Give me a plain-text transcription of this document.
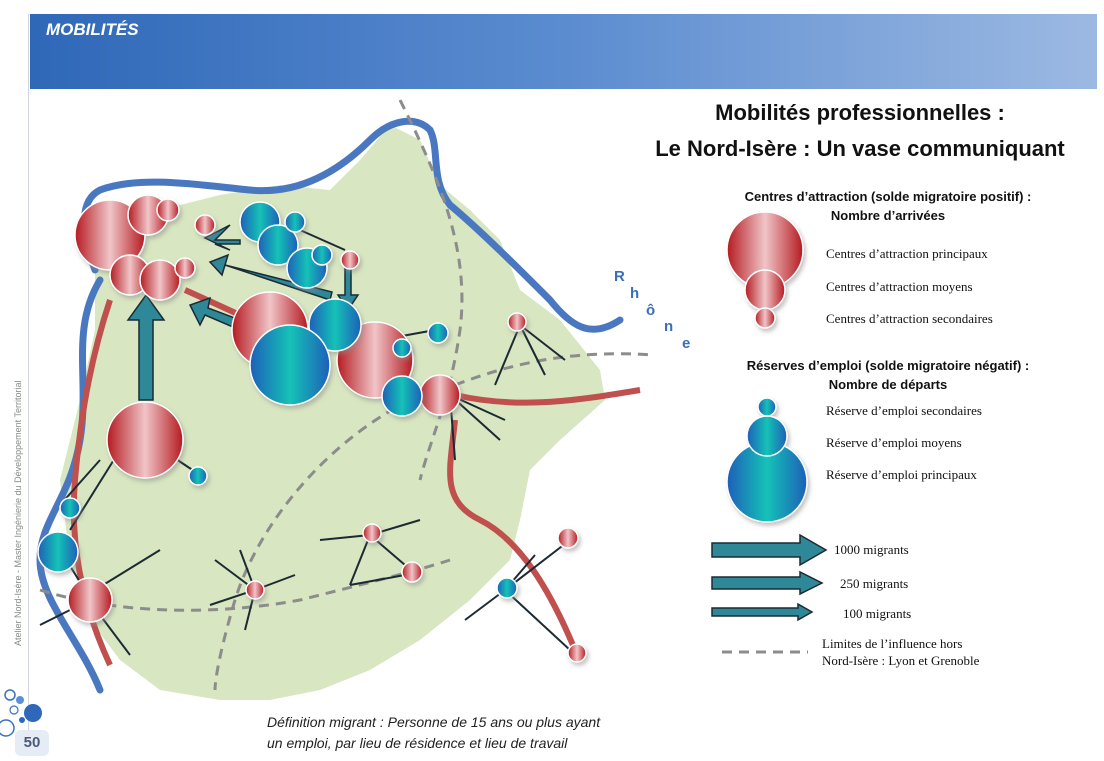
MOBILITÉS
Atelier Nord-Isère - Master Ingénierie du Développement Territorial
R
h
ô
n
e
Mobilités professionnelles :
Le Nord-Isère : Un vase communiquant
Centres d’attraction (solde migratoire positif) :
Nombre d’arrivées
Centres d’attraction principaux
Centres d’attraction moyens
Centres d’attraction secondaires
Réserves d’emploi (solde migratoire négatif) :
Nombre de départs
Réserve d’emploi secondaires
Réserve d’emploi moyens
Réserve d’emploi principaux
1000 migrants
250 migrants
100 migrants
Limites de l’influence hors
Nord-Isère : Lyon et Grenoble
Définition migrant : Personne de 15 ans ou plus ayant
un emploi, par lieu de résidence et lieu de travail
50
